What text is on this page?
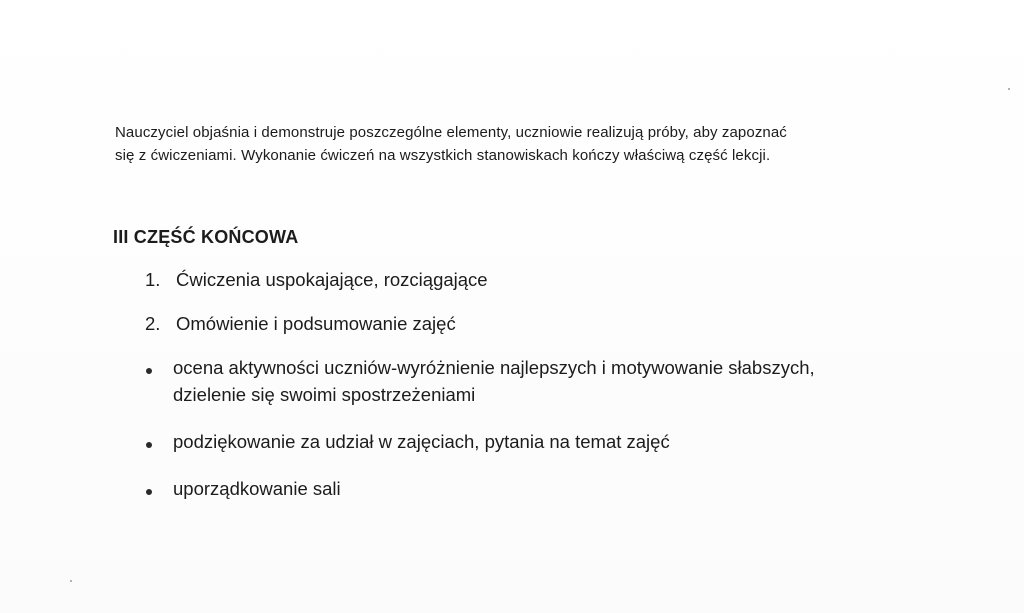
Nauczyciel objaśnia i demonstruje poszczególne elementy, uczniowie realizują próby, aby zapoznać

się z ćwiczeniami. Wykonanie ćwiczeń na wszystkich stanowiskach kończy właściwą część lekcji.

III CZĘŚĆ KOŃCOWA
1. Ćwiczenia uspokajające, rozciągające
2. Omówienie i podsumowanie zajęć
ocena aktywności uczniów-wyróżnienie najlepszych i motywowanie słabszych,
dzielenie się swoimi spostrzeżeniami
podziękowanie za udział w zajęciach, pytania na temat zajęć
uporządkowanie sali
